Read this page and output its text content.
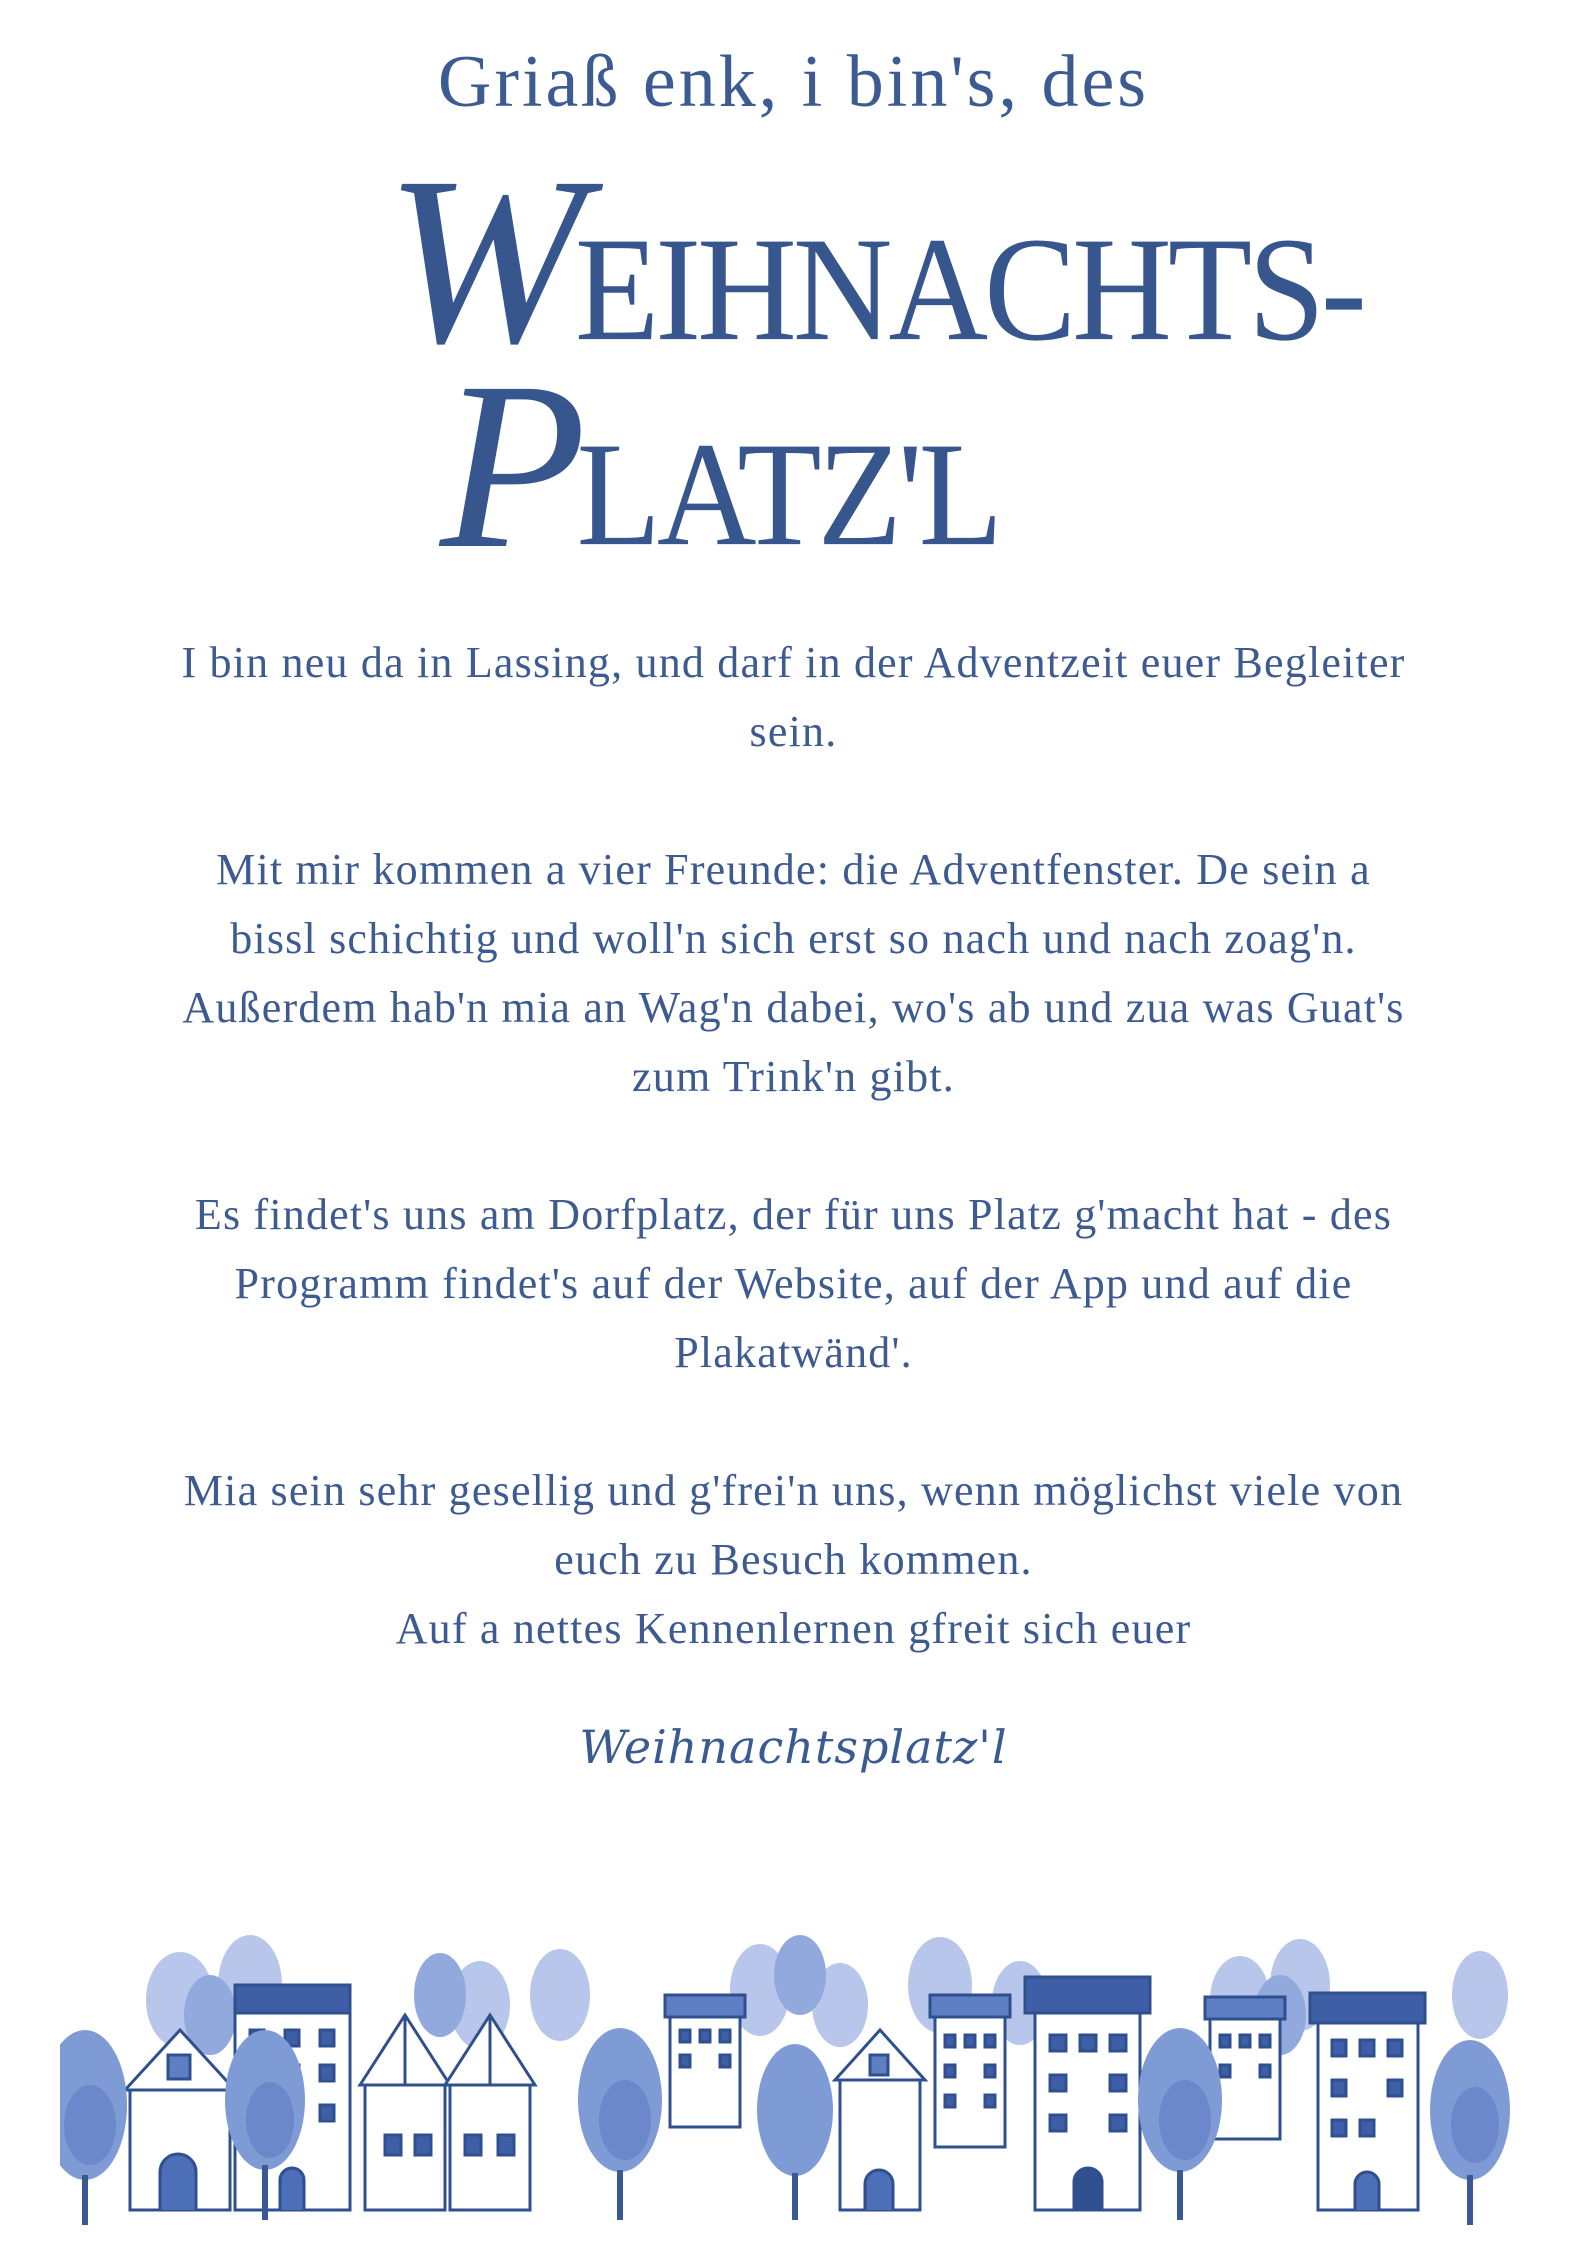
Griaß enk, i bin's, des
WEIHNACHTS-
PLATZ'L
I bin neu da in Lassing, und darf in der Adventzeit euer Begleiter
sein.
Mit mir kommen a vier Freunde: die Adventfenster. De sein a
bissl schichtig und woll'n sich erst so nach und nach zoag'n.
Außerdem hab'n mia an Wag'n dabei, wo's ab und zua was Guat's
zum Trink'n gibt.
Es findet's uns am Dorfplatz, der für uns Platz g'macht hat - des
Programm findet's auf der Website, auf der App und auf die
Plakatwänd'.
Mia sein sehr gesellig und g'frei'n uns, wenn möglichst viele von
euch zu Besuch kommen.
Auf a nettes Kennenlernen gfreit sich euer
Weihnachtsplatz'l
